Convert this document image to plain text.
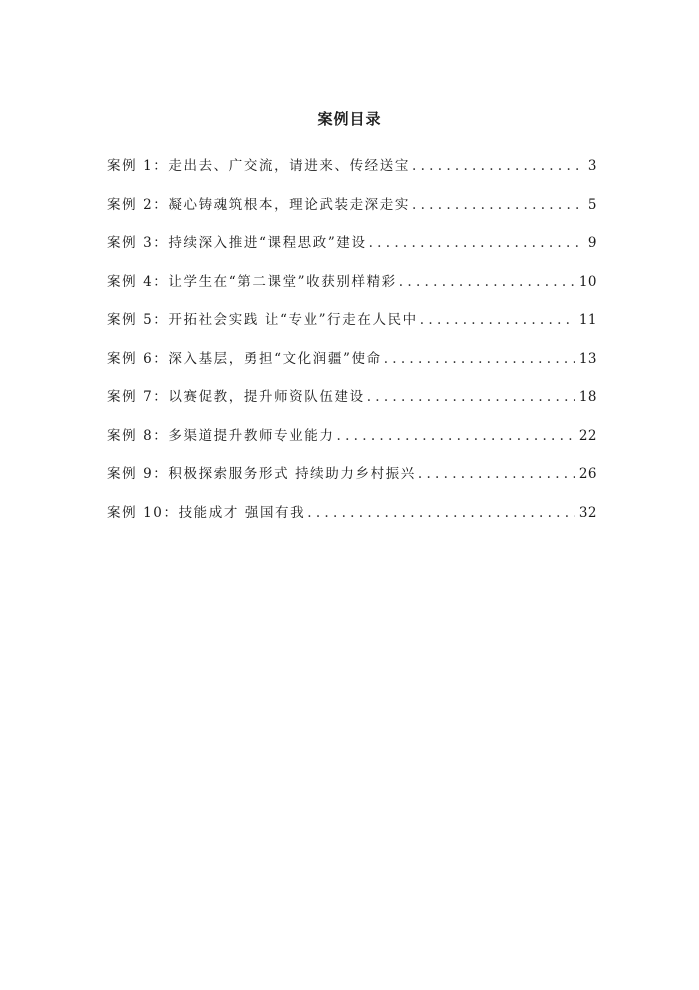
案例目录
案例 1：走出去、广交流，请进来、传经送宝 . . .	3
案例 2：凝心铸魂筑根本，理论武装走深走实 . . .	5
案例 3：持续深入推进“课程思政”建设 . . .	9
案例 4：让学生在“第二课堂”收获别样精彩 . . .	10
案例 5：开拓社会实践 让“专业”行走在人民中 . . .	11
案例 6：深入基层，勇担“文化润疆”使命 . . .	13
案例 7：以赛促教，提升师资队伍建设 . . .	18
案例 8：多渠道提升教师专业能力 . . .	22
案例 9：积极探索服务形式 持续助力乡村振兴 . . .	26
案例 10：技能成才 强国有我 . . .	32
